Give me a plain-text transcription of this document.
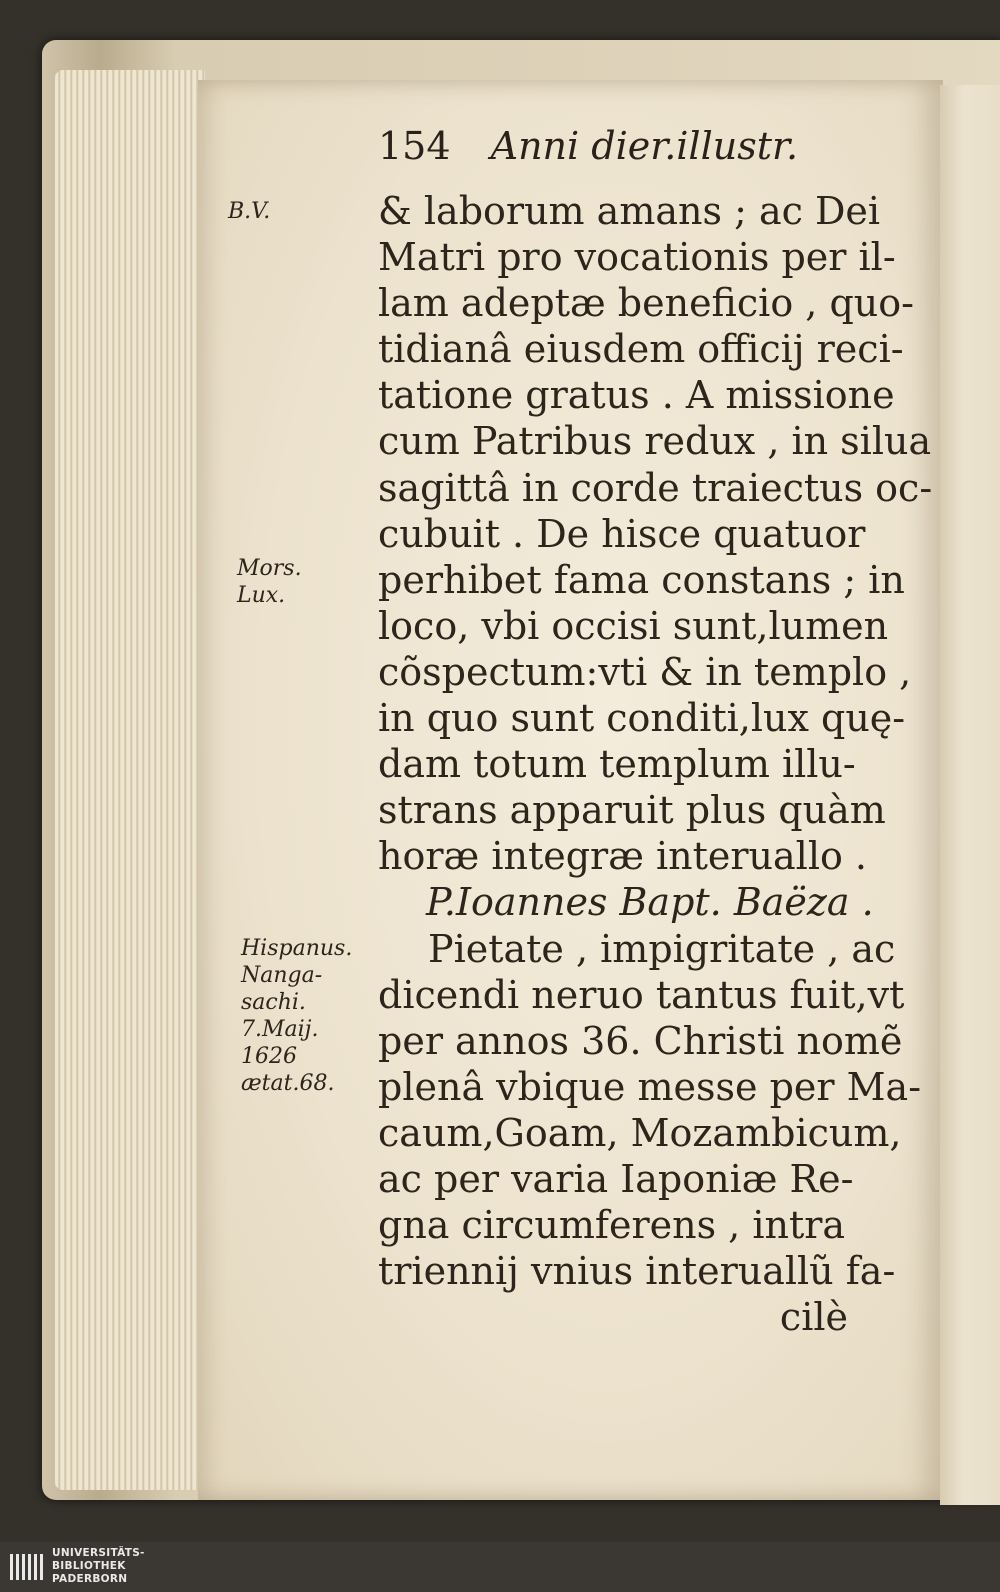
154 Anni dier.illustr.
B.V.
Mors.
Lux.
Hispanus.
Nanga-
sachi.
7.Maij.
1626
ætat.68.
& laborum amans ; ac Dei
Matri pro vocationis per il-
lam adeptæ beneficio , quo-
tidianâ eiusdem officij reci-
tatione gratus . A missione
cum Patribus redux , in silua
sagittâ in corde traiectus oc-
cubuit . De hisce quatuor
perhibet fama constans ; in
loco, vbi occisi sunt,lumen
cõspectum:vti & in templo ,
in quo sunt conditi,lux quę-
dam totum templum illu-
strans apparuit plus quàm
horæ integræ interuallo .
P.Ioannes Bapt. Baëza .
Pietate , impigritate , ac
dicendi neruo tantus fuit,vt
per annos 36. Christi nomẽ
plenâ vbique messe per Ma-
caum,Goam, Mozambicum,
ac per varia Iaponiæ Re-
gna circumferens , intra
triennij vnius interuallũ fa-
cilè
UNIVERSITÄTS-
BIBLIOTHEK
PADERBORN
